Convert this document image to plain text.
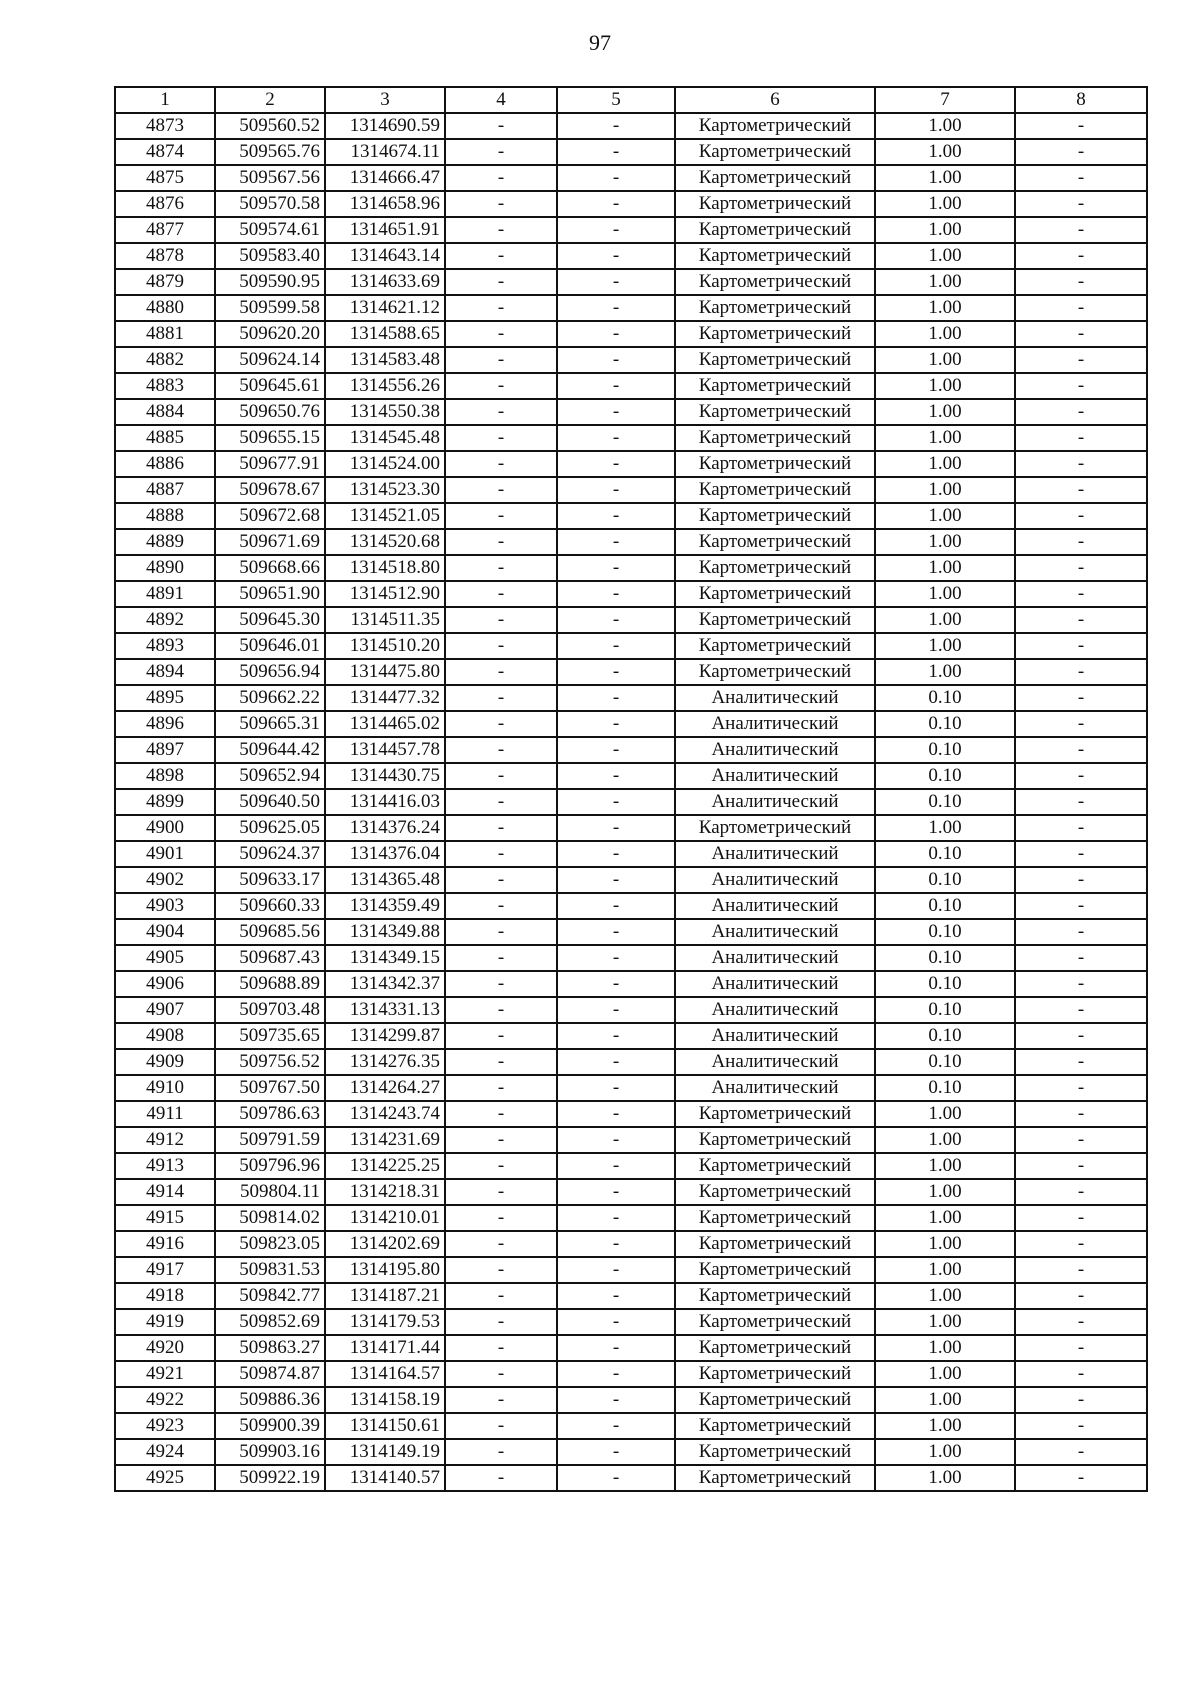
97
1	2	3	4	5	6	7	8
4873	509560.52	1314690.59	-	-	Картометрический	1.00	-
4874	509565.76	1314674.11	-	-	Картометрический	1.00	-
4875	509567.56	1314666.47	-	-	Картометрический	1.00	-
4876	509570.58	1314658.96	-	-	Картометрический	1.00	-
4877	509574.61	1314651.91	-	-	Картометрический	1.00	-
4878	509583.40	1314643.14	-	-	Картометрический	1.00	-
4879	509590.95	1314633.69	-	-	Картометрический	1.00	-
4880	509599.58	1314621.12	-	-	Картометрический	1.00	-
4881	509620.20	1314588.65	-	-	Картометрический	1.00	-
4882	509624.14	1314583.48	-	-	Картометрический	1.00	-
4883	509645.61	1314556.26	-	-	Картометрический	1.00	-
4884	509650.76	1314550.38	-	-	Картометрический	1.00	-
4885	509655.15	1314545.48	-	-	Картометрический	1.00	-
4886	509677.91	1314524.00	-	-	Картометрический	1.00	-
4887	509678.67	1314523.30	-	-	Картометрический	1.00	-
4888	509672.68	1314521.05	-	-	Картометрический	1.00	-
4889	509671.69	1314520.68	-	-	Картометрический	1.00	-
4890	509668.66	1314518.80	-	-	Картометрический	1.00	-
4891	509651.90	1314512.90	-	-	Картометрический	1.00	-
4892	509645.30	1314511.35	-	-	Картометрический	1.00	-
4893	509646.01	1314510.20	-	-	Картометрический	1.00	-
4894	509656.94	1314475.80	-	-	Картометрический	1.00	-
4895	509662.22	1314477.32	-	-	Аналитический	0.10	-
4896	509665.31	1314465.02	-	-	Аналитический	0.10	-
4897	509644.42	1314457.78	-	-	Аналитический	0.10	-
4898	509652.94	1314430.75	-	-	Аналитический	0.10	-
4899	509640.50	1314416.03	-	-	Аналитический	0.10	-
4900	509625.05	1314376.24	-	-	Картометрический	1.00	-
4901	509624.37	1314376.04	-	-	Аналитический	0.10	-
4902	509633.17	1314365.48	-	-	Аналитический	0.10	-
4903	509660.33	1314359.49	-	-	Аналитический	0.10	-
4904	509685.56	1314349.88	-	-	Аналитический	0.10	-
4905	509687.43	1314349.15	-	-	Аналитический	0.10	-
4906	509688.89	1314342.37	-	-	Аналитический	0.10	-
4907	509703.48	1314331.13	-	-	Аналитический	0.10	-
4908	509735.65	1314299.87	-	-	Аналитический	0.10	-
4909	509756.52	1314276.35	-	-	Аналитический	0.10	-
4910	509767.50	1314264.27	-	-	Аналитический	0.10	-
4911	509786.63	1314243.74	-	-	Картометрический	1.00	-
4912	509791.59	1314231.69	-	-	Картометрический	1.00	-
4913	509796.96	1314225.25	-	-	Картометрический	1.00	-
4914	509804.11	1314218.31	-	-	Картометрический	1.00	-
4915	509814.02	1314210.01	-	-	Картометрический	1.00	-
4916	509823.05	1314202.69	-	-	Картометрический	1.00	-
4917	509831.53	1314195.80	-	-	Картометрический	1.00	-
4918	509842.77	1314187.21	-	-	Картометрический	1.00	-
4919	509852.69	1314179.53	-	-	Картометрический	1.00	-
4920	509863.27	1314171.44	-	-	Картометрический	1.00	-
4921	509874.87	1314164.57	-	-	Картометрический	1.00	-
4922	509886.36	1314158.19	-	-	Картометрический	1.00	-
4923	509900.39	1314150.61	-	-	Картометрический	1.00	-
4924	509903.16	1314149.19	-	-	Картометрический	1.00	-
4925	509922.19	1314140.57	-	-	Картометрический	1.00	-
